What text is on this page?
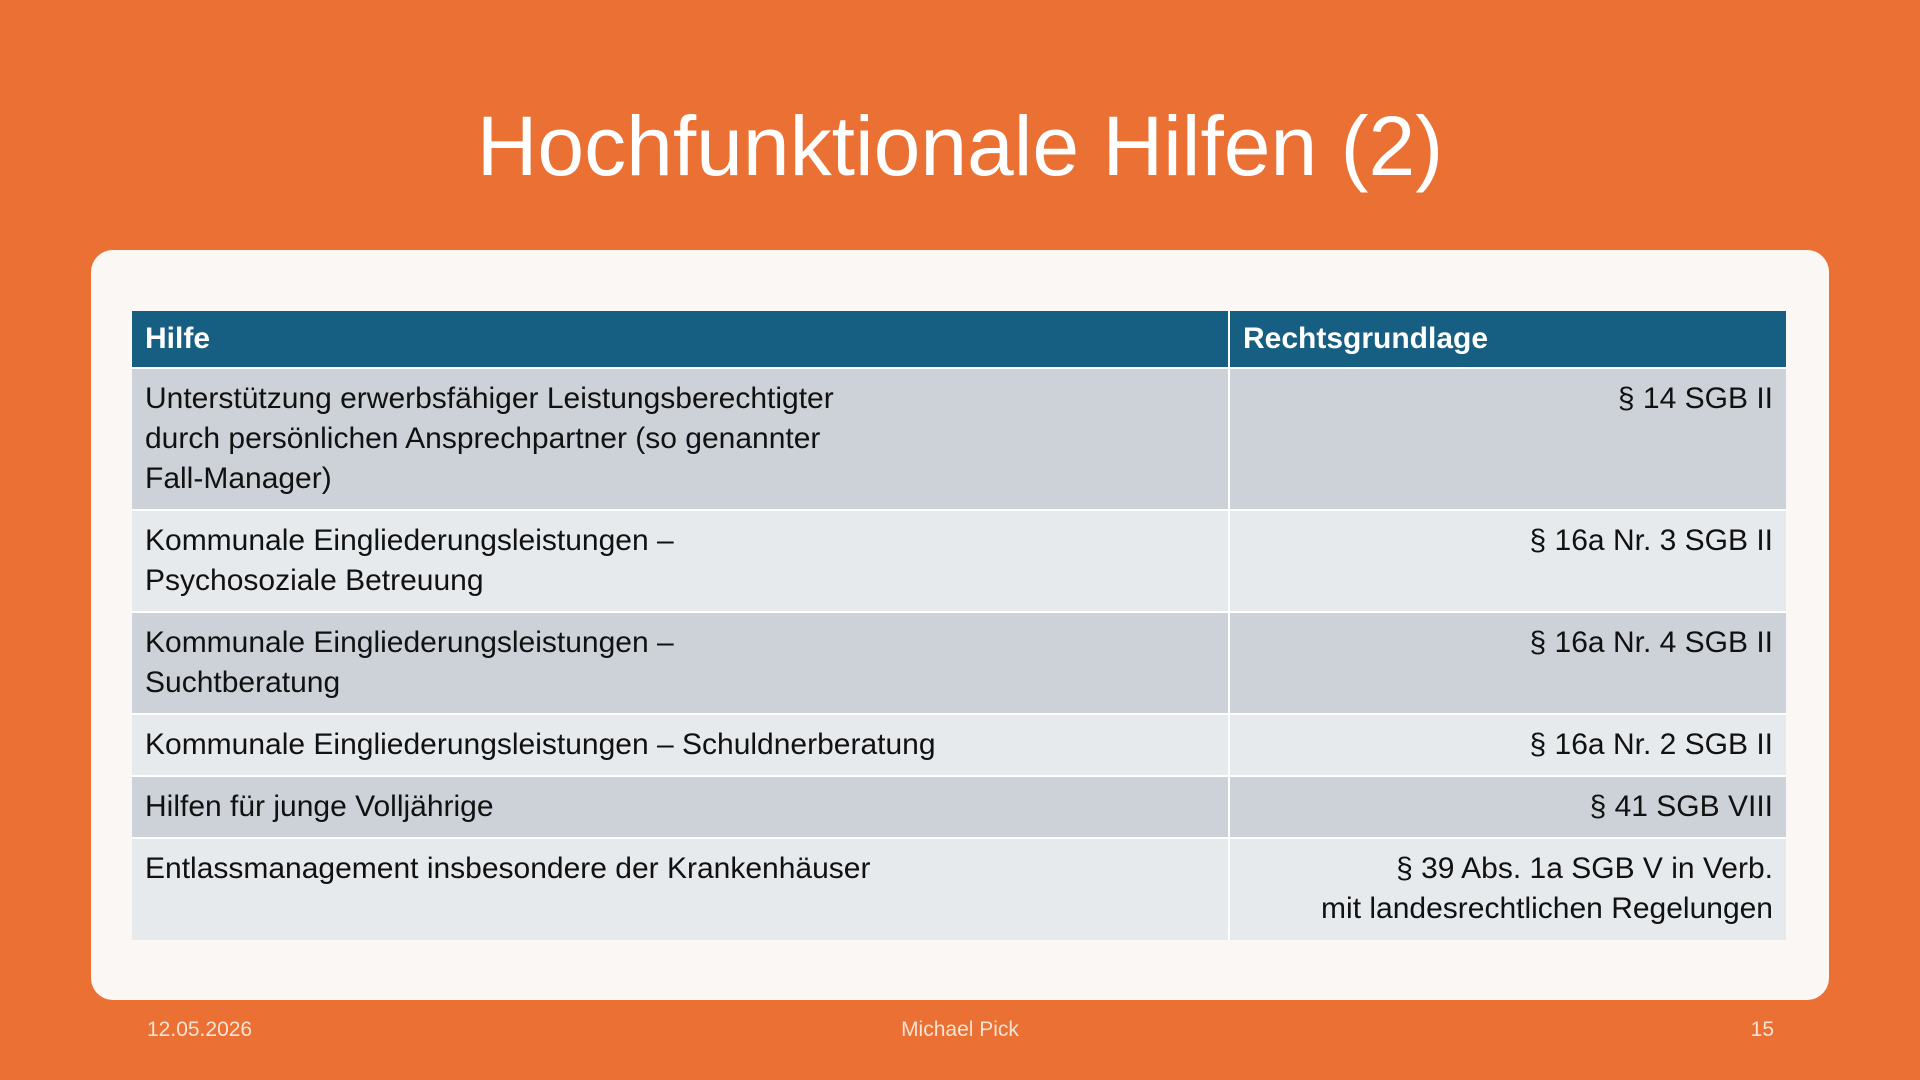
Hochfunktionale Hilfen (2)
Hilfe	Rechtsgrundlage

Unterstützung erwerbsfähiger Leistungsberechtigter
durch persönlichen Ansprechpartner (so genannter
Fall-Manager)	§ 14 SGB II

Kommunale Eingliederungsleistungen –
Psychosoziale Betreuung	§ 16a Nr. 3 SGB II

Kommunale Eingliederungsleistungen –
Suchtberatung	§ 16a Nr. 4 SGB II

Kommunale Eingliederungsleistungen – Schuldnerberatung	§ 16a Nr. 2 SGB II

Hilfen für junge Volljährige	§ 41 SGB VIII

Entlassmanagement insbesondere der Krankenhäuser	§ 39 Abs. 1a SGB V in Verb.
mit landesrechtlichen Regelungen
12.05.2026	Michael Pick	15
